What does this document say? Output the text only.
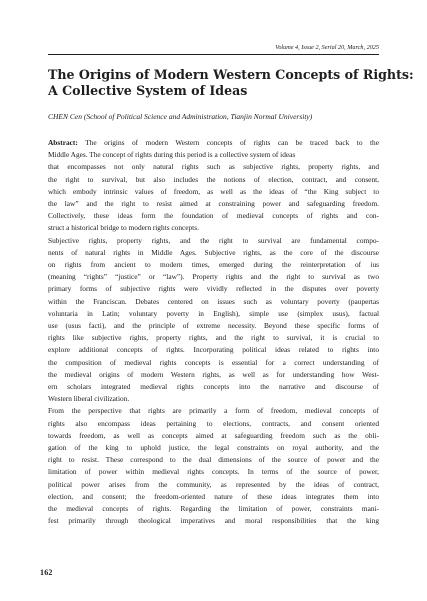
Volume 4, Issue 2, Serial 20, March, 2025
The Origins of Modern Western Concepts of Rights:
A Collective System of Ideas
CHEN Cen (School of Political Science and Administration, Tianjin Normal University)

Abstract: The origins of modern Western concepts of rights can be traced back to the
Middle Ages. The concept of rights during this period is a collective system of ideas
that encompasses not only natural rights such as subjective rights, property rights, and
the right to survival, but also includes the notions of election, contract, and consent,
which embody intrinsic values of freedom, as well as the ideas of “the King subject to
the law” and the right to resist aimed at constraining power and safeguarding freedom.
Collectively, these ideas form the foundation of medieval concepts of rights and con-
struct a historical bridge to modern rights concepts.

Subjective rights, property rights, and the right to survival are fundamental compo-
nents of natural rights in Middle Ages. Subjective rights, as the core of the discourse
on rights from ancient to modern times, emerged during the reinterpretation of ius
(meaning “rights” “justice” or “law”). Property rights and the right to survival as two
primary forms of subjective rights were vividly reflected in the disputes over poverty
within the Franciscan. Debates centered on issues such as voluntary poverty (paupertas
voluntaria in Latin; voluntary poverty in English), simple use (simplex usus), factual
use (usus facti), and the principle of extreme necessity. Beyond these specific forms of
rights like subjective rights, property rights, and the right to survival, it is crucial to
explore additional concepts of rights. Incorporating political ideas related to rights into
the composition of medieval rights concepts is essential for a correct understanding of
the medieval origins of modern Western rights, as well as for understanding how West-
ern scholars integrated medieval rights concepts into the narrative and discourse of
Western liberal civilization.

From the perspective that rights are primarily a form of freedom, medieval concepts of
rights also encompass ideas pertaining to elections, contracts, and consent oriented
towards freedom, as well as concepts aimed at safeguarding freedom such as the obli-
gation of the king to uphold justice, the legal constraints on royal authority, and the
right to resist. These correspond to the dual dimensions of the source of power and the
limitation of power within medieval rights concepts. In terms of the source of power,
political power arises from the community, as represented by the ideas of contract,
election, and consent; the freedom-oriented nature of these ideas integrates them into
the medieval concepts of rights. Regarding the limitation of power, constraints mani-
fest primarily through theological imperatives and moral responsibilities that the king

162
